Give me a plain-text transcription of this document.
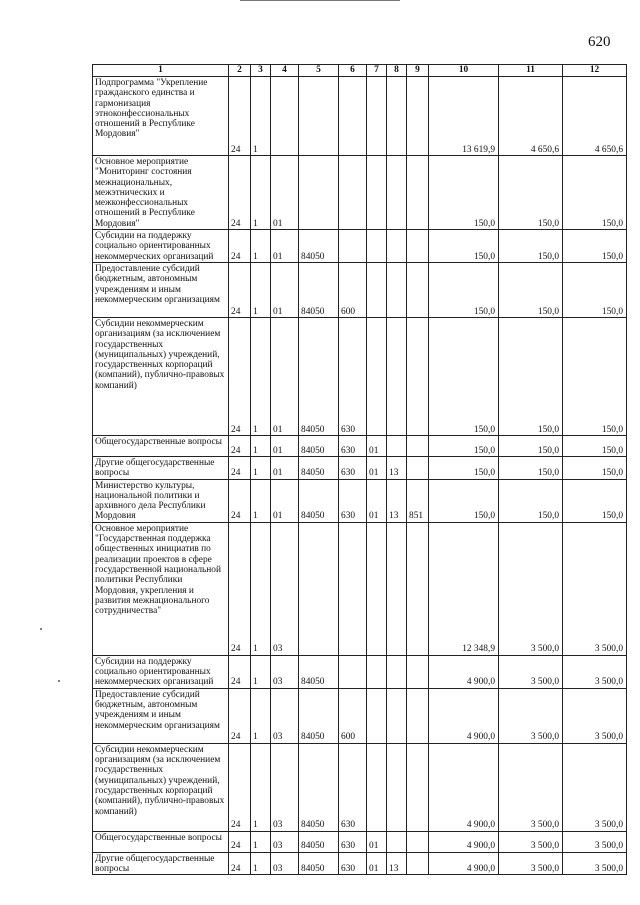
620
1	2	3	4	5	6	7	8	9	10	11	12
Подпрограмма "Укрепление гражданского единства и гармонизация этноконфессиональных отношений в Республике Мордовия"	24	1							13 619,9	4 650,6	4 650,6
Основное мероприятие "Мониторинг состояния межнациональных, межэтнических и межконфессиональных отношений в Республике Мордовия"	24	1	01						150,0	150,0	150,0
Субсидии на поддержку социально ориентированных некоммерческих организаций	24	1	01	84050					150,0	150,0	150,0
Предоставление субсидий бюджетным, автономным учреждениям и иным некоммерческим организациям	24	1	01	84050	600				150,0	150,0	150,0
Субсидии некоммерческим организациям (за исключением государственных (муниципальных) учреждений, государственных корпораций (компаний), публично-правовых компаний)	24	1	01	84050	630				150,0	150,0	150,0
Общегосударственные вопросы	24	1	01	84050	630	01			150,0	150,0	150,0
Другие общегосударственные вопросы	24	1	01	84050	630	01	13		150,0	150,0	150,0
Министерство культуры, национальной политики и архивного дела Республики Мордовия	24	1	01	84050	630	01	13	851	150,0	150,0	150,0
Основное мероприятие "Государственная поддержка общественных инициатив по реализации проектов в сфере государственной национальной политики Республики Мордовия, укрепления и развития межнационального сотрудничества"	24	1	03						12 348,9	3 500,0	3 500,0
Субсидии на поддержку социально ориентированных некоммерческих организаций	24	1	03	84050					4 900,0	3 500,0	3 500,0
Предоставление субсидий бюджетным, автономным учреждениям и иным некоммерческим организациям	24	1	03	84050	600				4 900,0	3 500,0	3 500,0
Субсидии некоммерческим организациям (за исключением государственных (муниципальных) учреждений, государственных корпораций (компаний), публично-правовых компаний)	24	1	03	84050	630				4 900,0	3 500,0	3 500,0
Общегосударственные вопросы	24	1	03	84050	630	01			4 900,0	3 500,0	3 500,0
Другие общегосударственные вопросы	24	1	03	84050	630	01	13		4 900,0	3 500,0	3 500,0
